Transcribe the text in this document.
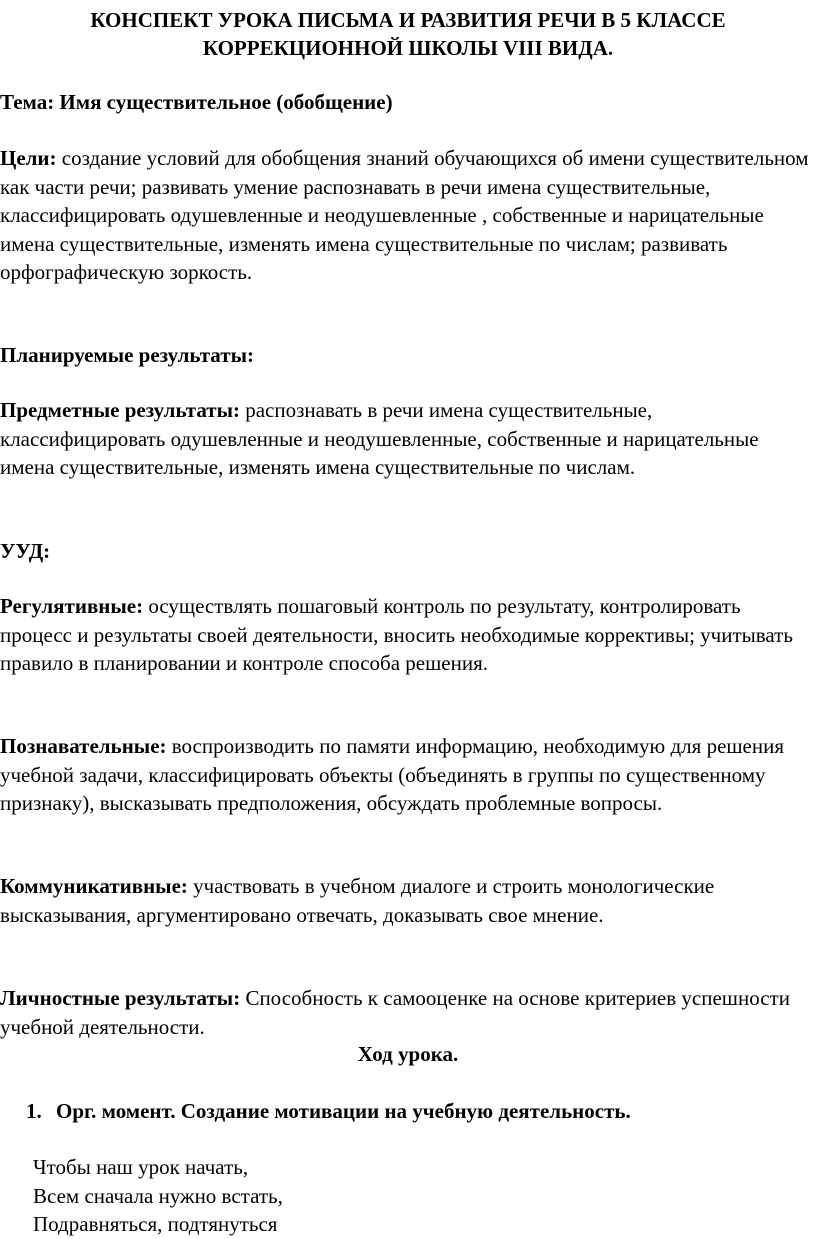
КОНСПЕКТ УРОКА ПИСЬМА И РАЗВИТИЯ РЕЧИ В 5 КЛАССЕ
КОРРЕКЦИОННОЙ ШКОЛЫ VIII ВИДА.

Тема: Имя существительное (обобщение)

Цели: создание условий для обобщения знаний обучающихся об имени существительном как части речи; развивать умение распознавать в речи имена существительные, классифицировать одушевленные и неодушевленные , собственные и нарицательные имена существительные, изменять имена существительные по числам; развивать орфографическую зоркость.

Планируемые результаты:

Предметные результаты: распознавать в речи имена существительные, классифицировать одушевленные и неодушевленные, собственные и нарицательные имена существительные, изменять имена существительные по числам.

УУД:

Регулятивные: осуществлять пошаговый контроль по результату, контролировать процесс и результаты своей деятельности, вносить необходимые коррективы; учитывать правило в планировании и контроле способа решения.

Познавательные: воспроизводить по памяти информацию, необходимую для решения учебной задачи, классифицировать объекты (объединять в группы по существенному признаку), высказывать предположения, обсуждать проблемные вопросы.

Коммуникативные: участвовать в учебном диалоге и строить монологические высказывания, аргументировано отвечать, доказывать свое мнение.

Личностные результаты: Способность к самооценке на основе критериев успешности учебной деятельности.

Ход урока.
1. Орг. момент. Создание мотивации на учебную деятельность.
Чтобы наш урок начать,
Всем сначала нужно встать,
Подравняться, подтянуться
